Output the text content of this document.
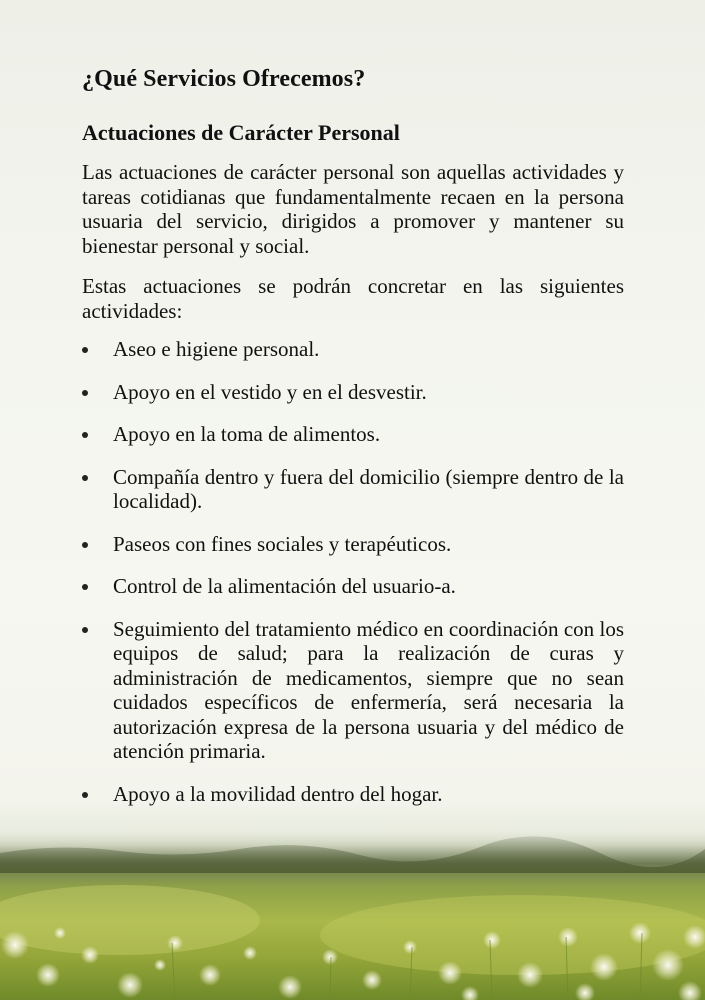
¿Qué Servicios Ofrecemos?
Actuaciones de Carácter Personal

Las actuaciones de carácter personal son aquellas actividades y tareas cotidianas que fundamentalmente recaen en la persona usuaria del servicio, dirigidos a promover y mantener su bienestar personal y social.

Estas actuaciones se podrán concretar en las siguientes actividades:

Aseo e higiene personal.
Apoyo en el vestido y en el desvestir.
Apoyo en la toma de alimentos.
Compañía dentro y fuera del domicilio (siempre dentro de la localidad).
Paseos con fines sociales y terapéuticos.
Control de la alimentación del usuario-a.
Seguimiento del tratamiento médico en coordinación con los equipos de salud; para la realización de curas y administración de medicamentos, siempre que no sean cuidados específicos de enfermería, será necesaria la autorización expresa de la persona usuaria y del médico de atención primaria.
Apoyo a la movilidad dentro del hogar.
